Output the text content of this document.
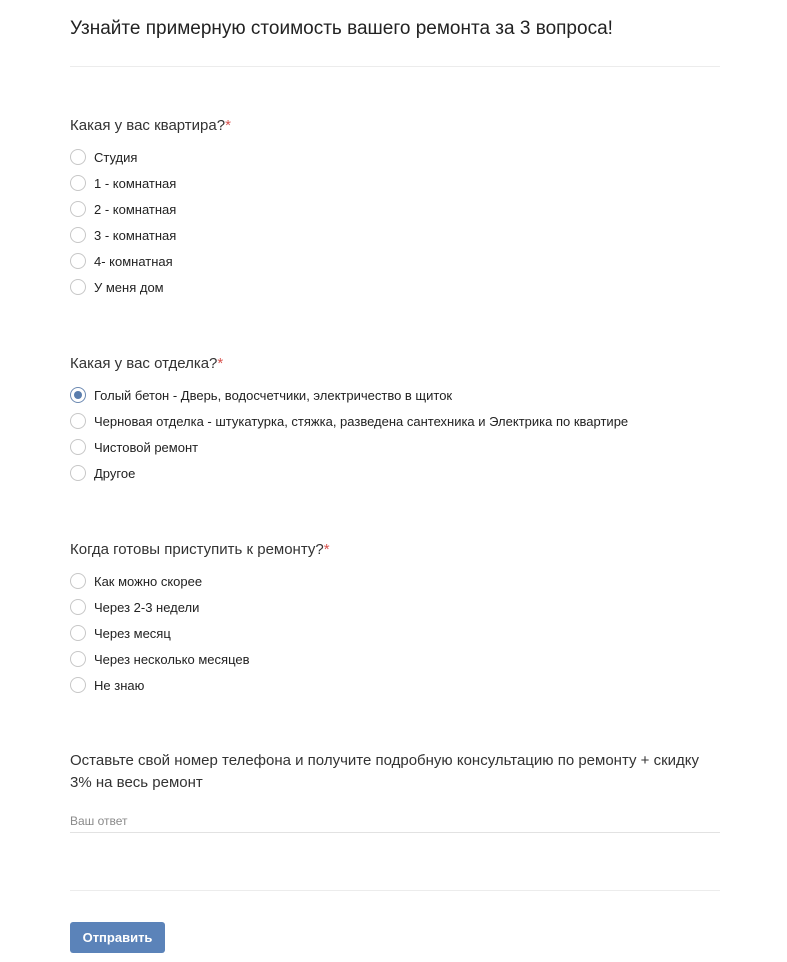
Узнайте примерную стоимость вашего ремонта за 3 вопроса!
Какая у вас квартира?*
Студия
1 - комнатная
2 - комнатная
3 - комнатная
4- комнатная
У меня дом
Какая у вас отделка?*
Голый бетон - Дверь, водосчетчики, электричество в щиток
Черновая отделка - штукатурка, стяжка, разведена сантехника и Электрика по квартире
Чистовой ремонт
Другое
Когда готовы приступить к ремонту?*
Как можно скорее
Через 2-3 недели
Через месяц
Через несколько месяцев
Не знаю
Оставьте свой номер телефона и получите подробную консультацию по ремонту + скидку 3% на весь ремонт
Ваш ответ
Отправить
